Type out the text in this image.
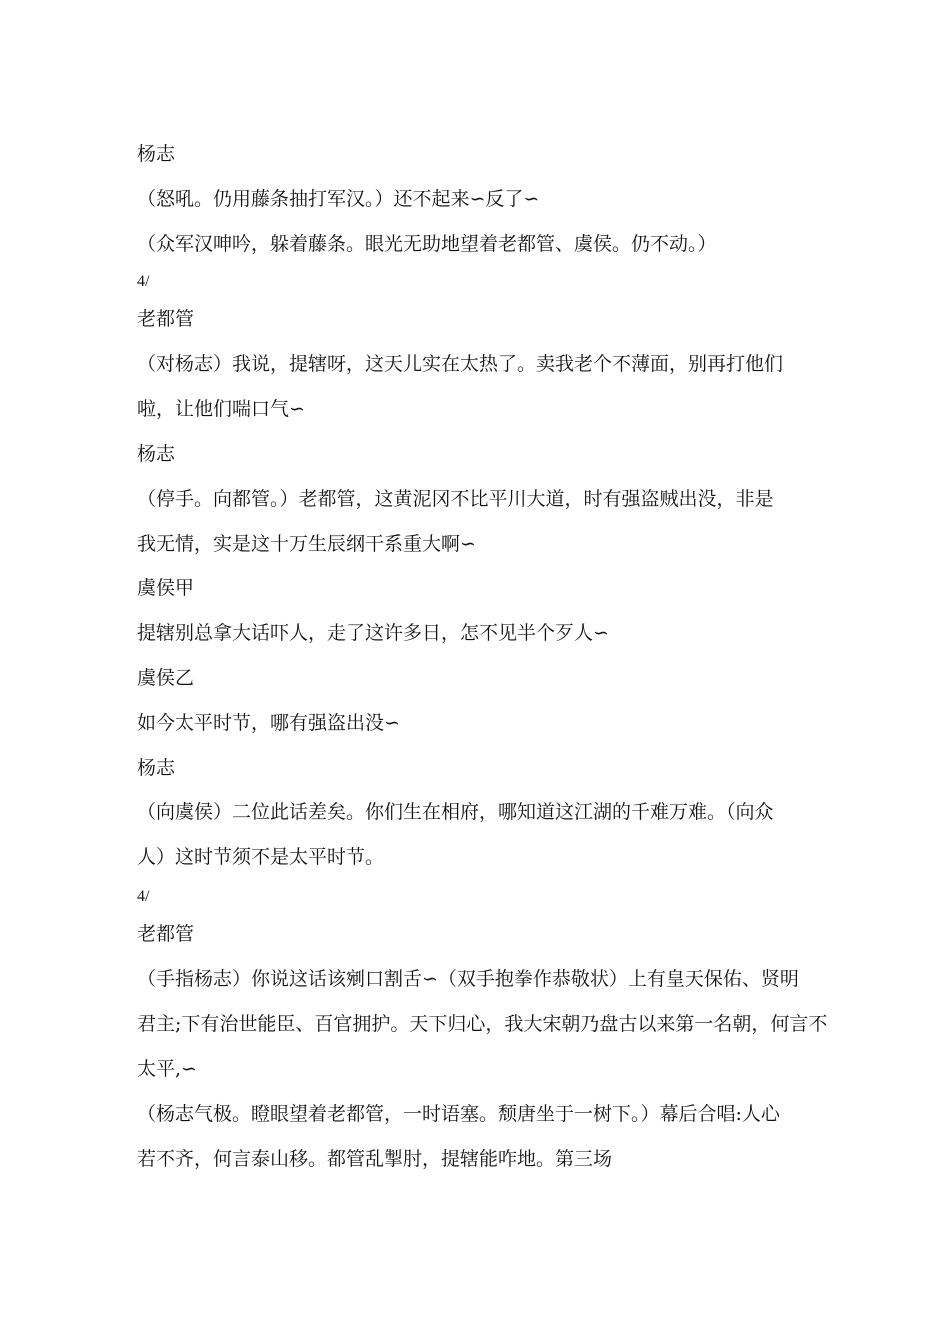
杨志
（怒吼。仍用藤条抽打军汉。）还不起来∽反了∽
（众军汉呻吟，躲着藤条。眼光无助地望着老都管、虞侯。仍不动。）
4/
老都管
（对杨志）我说，提辖呀，这天儿实在太热了。卖我老个不薄面，别再打他们
啦，让他们喘口气∽
杨志
（停手。向都管。）老都管，这黄泥冈不比平川大道，时有强盗贼出没，非是
我无情，实是这十万生辰纲干系重大啊∽
虞侯甲
提辖别总拿大话吓人，走了这许多日，怎不见半个歹人∽
虞侯乙
如今太平时节，哪有强盗出没∽
杨志
（向虞侯）二位此话差矣。你们生在相府，哪知道这江湖的千难万难。（向众
人）这时节须不是太平时节。
4/
老都管
（手指杨志）你说这话该剜口割舌∽（双手抱拳作恭敬状）上有皇天保佑、贤明
君主;下有治世能臣、百官拥护。天下归心，我大宋朝乃盘古以来第一名朝，何言不
太平,∽
（杨志气极。瞪眼望着老都管，一时语塞。颓唐坐于一树下。）幕后合唱:人心
若不齐，何言泰山移。都管乱掣肘，提辖能咋地。第三场
